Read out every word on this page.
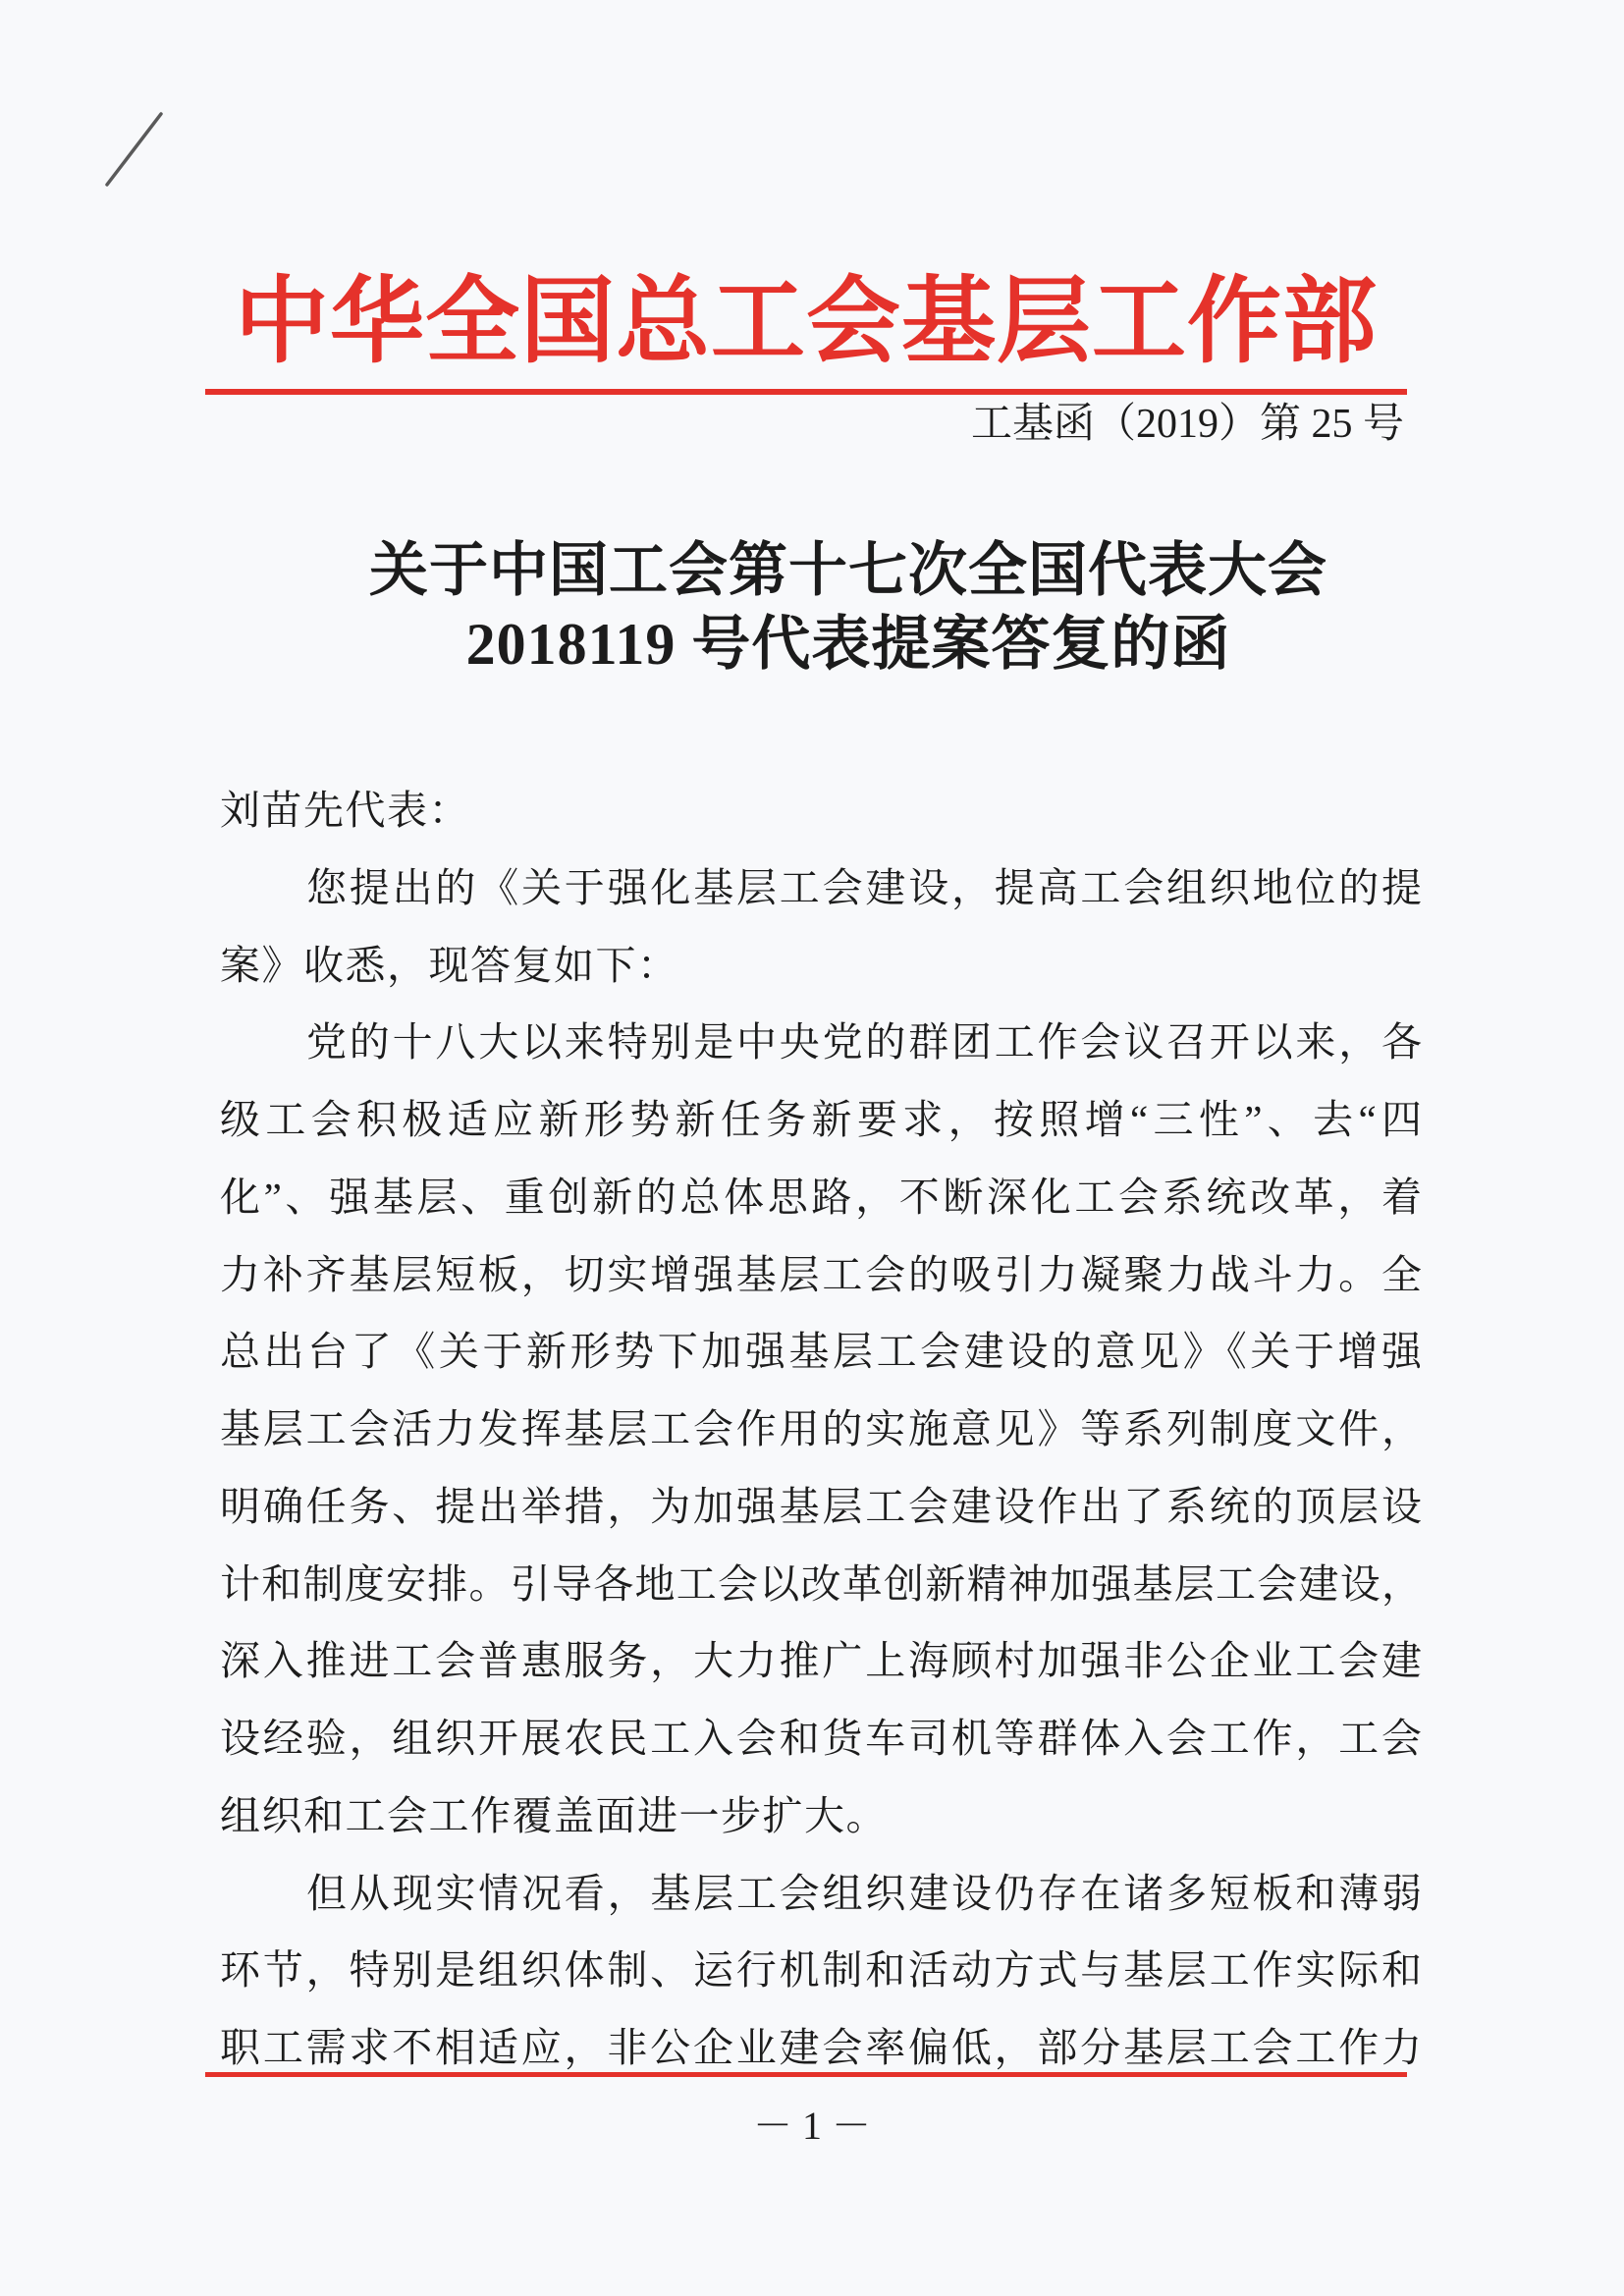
中华全国总工会基层工作部
工基函（2019）第 25 号
关于中国工会第十七次全国代表大会
2018119 号代表提案答复的函
刘苗先代表：
您提出的《关于强化基层工会建设，提高工会组织地位的提
案》收悉，现答复如下：
党的十八大以来特别是中央党的群团工作会议召开以来，各
级工会积极适应新形势新任务新要求，按照增“三性”、去“四
化”、强基层、重创新的总体思路，不断深化工会系统改革，着
力补齐基层短板，切实增强基层工会的吸引力凝聚力战斗力。全
总出台了《关于新形势下加强基层工会建设的意见》《关于增强
基层工会活力发挥基层工会作用的实施意见》等系列制度文件，
明确任务、提出举措，为加强基层工会建设作出了系统的顶层设
计和制度安排。引导各地工会以改革创新精神加强基层工会建设，
深入推进工会普惠服务，大力推广上海顾村加强非公企业工会建
设经验，组织开展农民工入会和货车司机等群体入会工作，工会
组织和工会工作覆盖面进一步扩大。
但从现实情况看，基层工会组织建设仍存在诸多短板和薄弱
环节，特别是组织体制、运行机制和活动方式与基层工作实际和
职工需求不相适应，非公企业建会率偏低，部分基层工会工作力
－ 1 －
